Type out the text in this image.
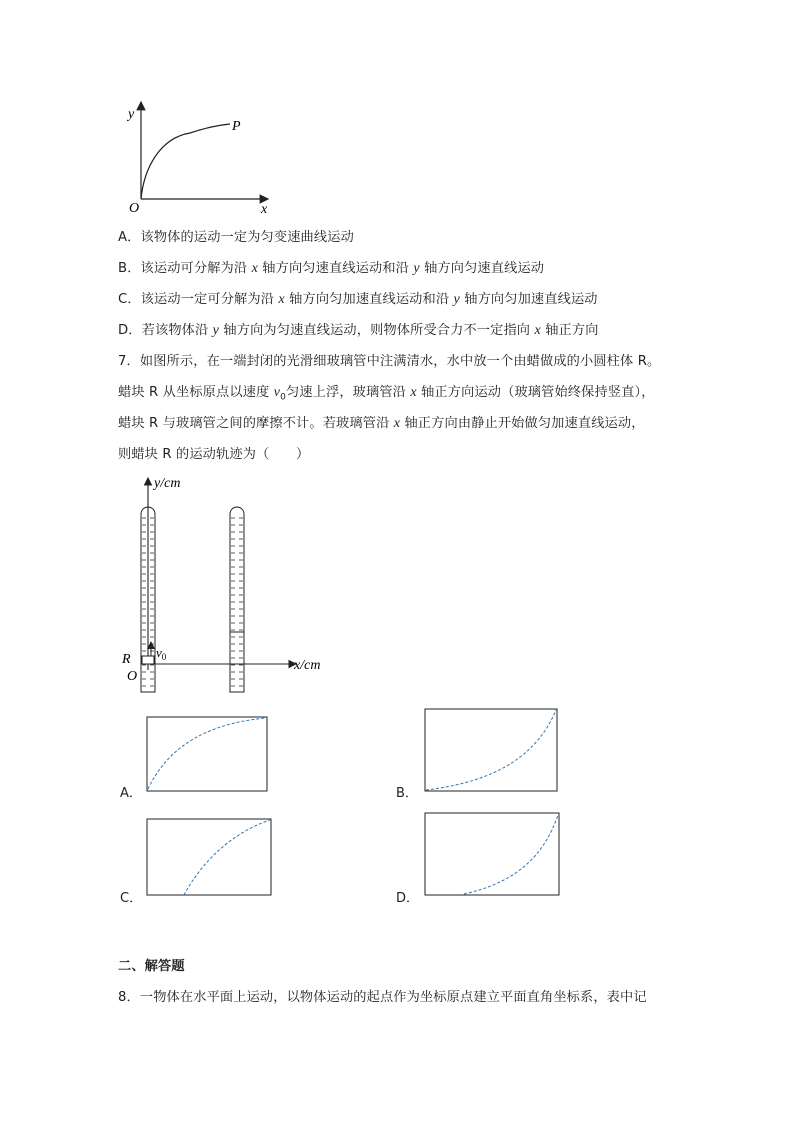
y
x
O
P
A．该物体的运动一定为匀变速曲线运动
B．该运动可分解为沿 x 轴方向匀速直线运动和沿 y 轴方向匀速直线运动
C．该运动一定可分解为沿 x 轴方向匀加速直线运动和沿 y 轴方向匀加速直线运动
D．若该物体沿 y 轴方向为匀速直线运动，则物体所受合力不一定指向 x 轴正方向
7．如图所示，在一端封闭的光滑细玻璃管中注满清水，水中放一个由蜡做成的小圆柱体 R。
蜡块 R 从坐标原点以速度 $v_0$匀速上浮，玻璃管沿 x 轴正方向运动（玻璃管始终保持竖直），
蜡块 R 与玻璃管之间的摩擦不计。若玻璃管沿 x 轴正方向由静止开始做匀加速直线运动，
则蜡块 R 的运动轨迹为（　　）
y/cm
x/cm
R $v_0$
O
A．	B．
C．	D．
二、解答题
8．一物体在水平面上运动，以物体运动的起点作为坐标原点建立平面直角坐标系，表中记
